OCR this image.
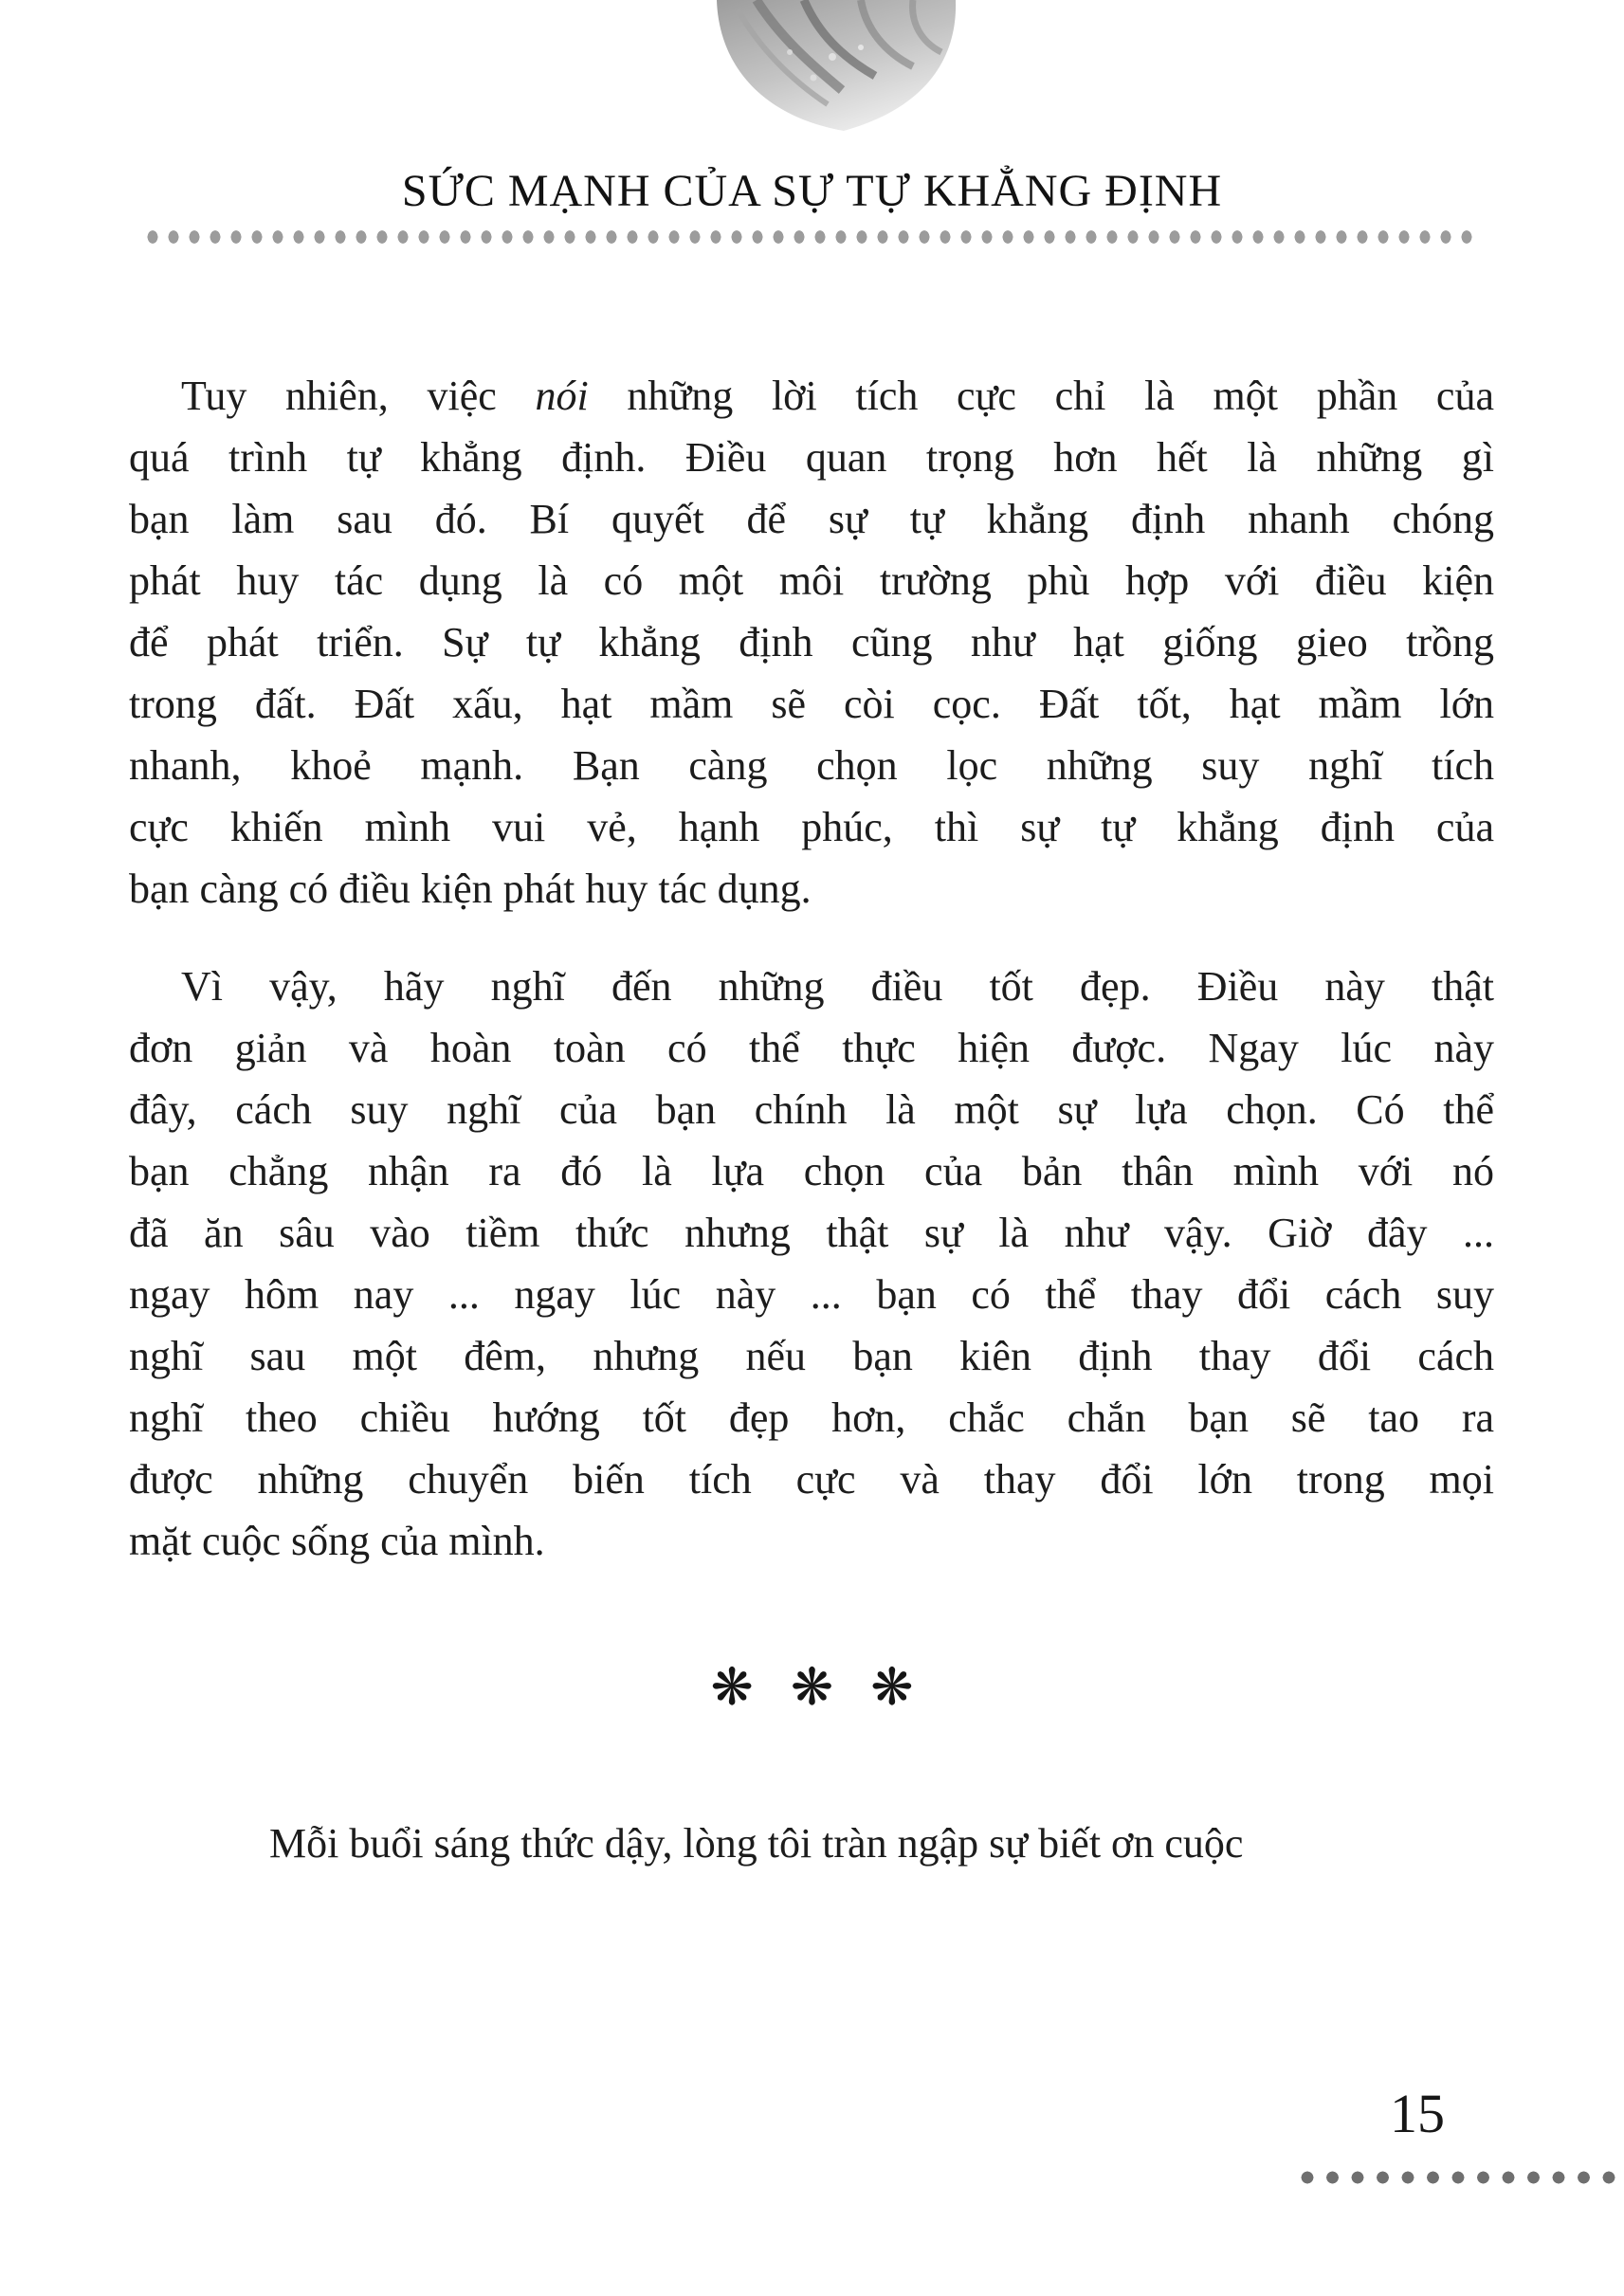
SỨC MẠNH CỦA SỰ TỰ KHẲNG ĐỊNH
Tuy nhiên, việc nói những lời tích cực chỉ là một phần của
quá trình tự khẳng định. Điều quan trọng hơn hết là những gì
bạn làm sau đó. Bí quyết để sự tự khẳng định nhanh chóng
phát huy tác dụng là có một môi trường phù hợp với điều kiện
để phát triển. Sự tự khẳng định cũng như hạt giống gieo trồng
trong đất. Đất xấu, hạt mầm sẽ còi cọc. Đất tốt, hạt mầm lớn
nhanh, khoẻ mạnh. Bạn càng chọn lọc những suy nghĩ tích
cực khiến mình vui vẻ, hạnh phúc, thì sự tự khẳng định của
bạn càng có điều kiện phát huy tác dụng.
Vì vậy, hãy nghĩ đến những điều tốt đẹp. Điều này thật
đơn giản và hoàn toàn có thể thực hiện được. Ngay lúc này
đây, cách suy nghĩ của bạn chính là một sự lựa chọn. Có thể
bạn chẳng nhận ra đó là lựa chọn của bản thân mình với nó
đã ăn sâu vào tiềm thức nhưng thật sự là như vậy. Giờ đây ...
ngay hôm nay ... ngay lúc này ... bạn có thể thay đổi cách suy
nghĩ sau một đêm, nhưng nếu bạn kiên định thay đổi cách
nghĩ theo chiều hướng tốt đẹp hơn, chắc chắn bạn sẽ tao ra
được những chuyển biến tích cực và thay đổi lớn trong mọi
mặt cuộc sống của mình.
❋ ❋ ❋
Mỗi buổi sáng thức dậy, lòng tôi tràn ngập sự biết ơn cuộc
15
